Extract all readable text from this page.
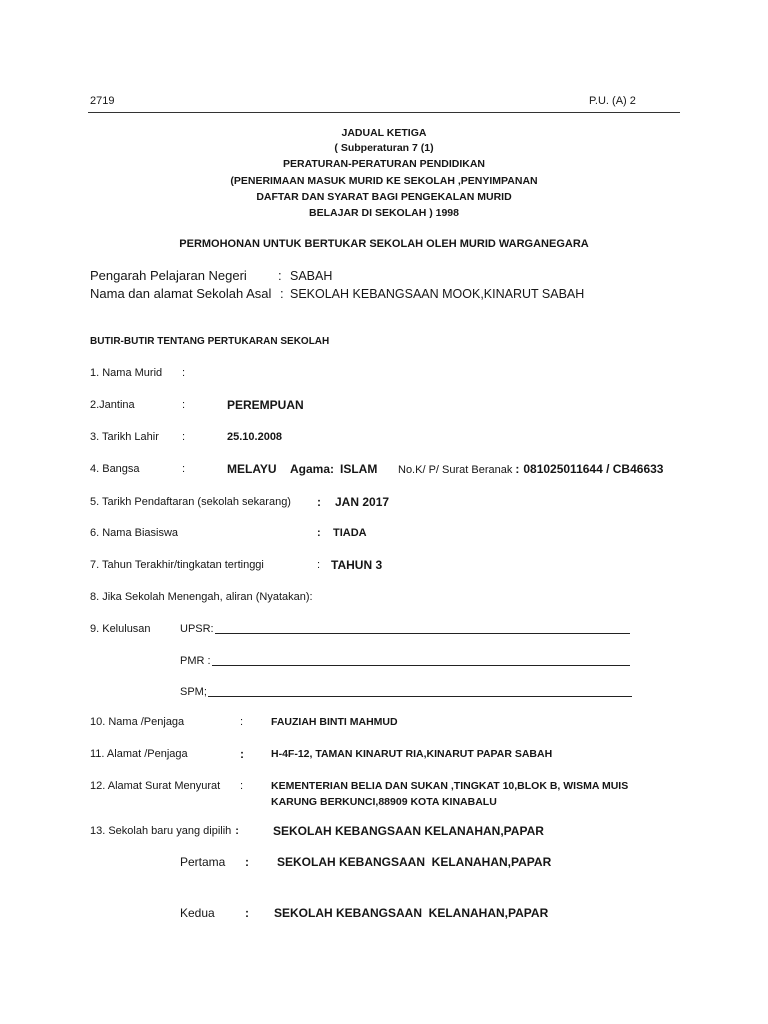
2719	P.U. (A) 2
JADUAL KETIGA
( Subperaturan 7 (1)
PERATURAN-PERATURAN PENDIDIKAN
(PENERIMAAN MASUK MURID KE SEKOLAH ,PENYIMPANAN
DAFTAR DAN SYARAT BAGI PENGEKALAN MURID
BELAJAR DI SEKOLAH ) 1998
PERMOHONAN UNTUK BERTUKAR SEKOLAH OLEH MURID WARGANEGARA
Pengarah Pelajaran Negeri : SABAH
Nama dan alamat Sekolah Asal : SEKOLAH KEBANGSAAN MOOK,KINARUT SABAH
BUTIR-BUTIR TENTANG PERTUKARAN SEKOLAH
1. Nama Murid :
2.Jantina	:	PEREMPUAN
3. Tarikh Lahir :	25.10.2008
4. Bangsa	:	MELAYU Agama: ISLAM No.K/ P/ Surat Beranak : 081025011644 / CB46633
5. Tarikh Pendaftaran (sekolah sekarang) : JAN 2017
6. Nama Biasiswa	: TIADA
7. Tahun Terakhir/tingkatan tertinggi	: TAHUN 3
8. Jika Sekolah Menengah, aliran (Nyatakan):
9. Kelulusan	UPSR:
PMR :
SPM;
10. Nama /Penjaga	:	FAUZIAH BINTI MAHMUD
11. Alamat /Penjaga	:	H-4F-12, TAMAN KINARUT RIA,KINARUT PAPAR SABAH
12. Alamat Surat Menyurat :	KEMENTERIAN BELIA DAN SUKAN ,TINGKAT 10,BLOK B, WISMA MUIS
KARUNG BERKUNCI,88909 KOTA KINABALU
13. Sekolah baru yang dipilih :	SEKOLAH KEBANGSAAN KELANAHAN,PAPAR
Pertama : SEKOLAH KEBANGSAAN  KELANAHAN,PAPAR
Kedua	: SEKOLAH KEBANGSAAN  KELANAHAN,PAPAR
